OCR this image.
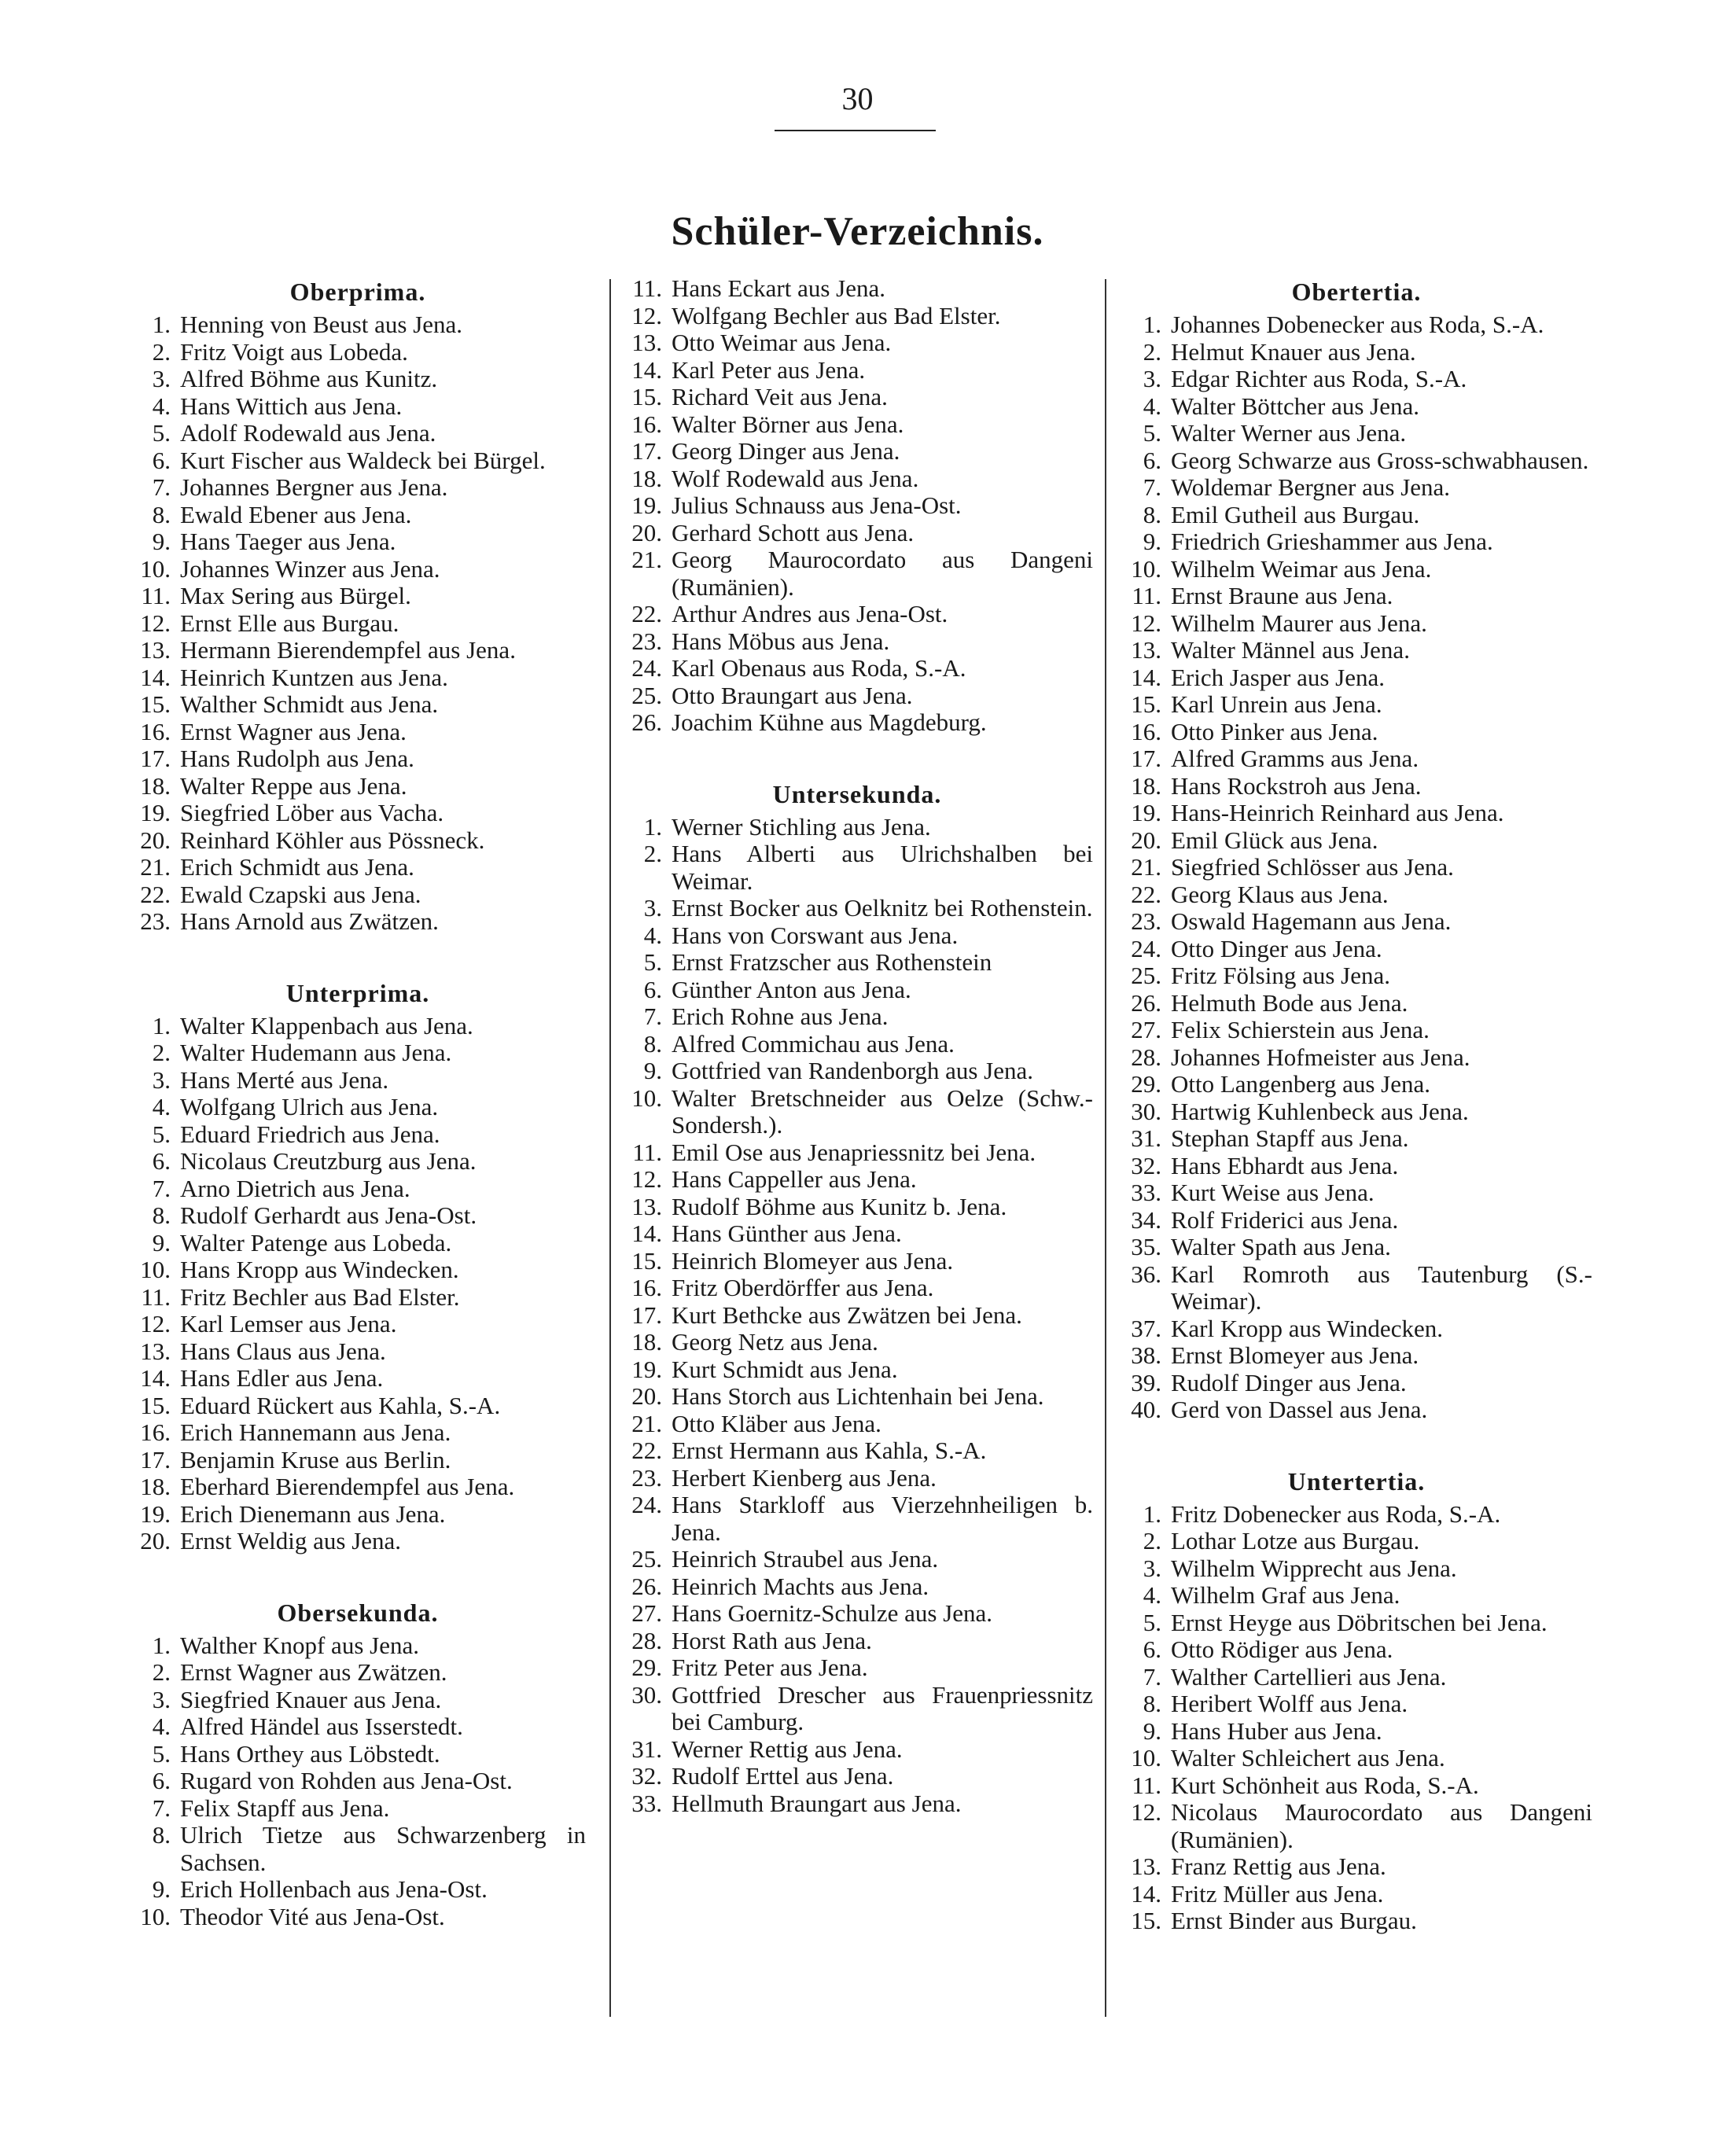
30
Schüler-Verzeichnis.
Oberprima.
1. Henning von Beust aus Jena.
2. Fritz Voigt aus Lobeda.
3. Alfred Böhme aus Kunitz.
4. Hans Wittich aus Jena.
5. Adolf Rodewald aus Jena.
6. Kurt Fischer aus Waldeck bei Bürgel.
7. Johannes Bergner aus Jena.
8. Ewald Ebener aus Jena.
9. Hans Taeger aus Jena.
10. Johannes Winzer aus Jena.
11. Max Sering aus Bürgel.
12. Ernst Elle aus Burgau.
13. Hermann Bierendempfel aus Jena.
14. Heinrich Kuntzen aus Jena.
15. Walther Schmidt aus Jena.
16. Ernst Wagner aus Jena.
17. Hans Rudolph aus Jena.
18. Walter Reppe aus Jena.
19. Siegfried Löber aus Vacha.
20. Reinhard Köhler aus Pössneck.
21. Erich Schmidt aus Jena.
22. Ewald Czapski aus Jena.
23. Hans Arnold aus Zwätzen.
Unterprima.
1. Walter Klappenbach aus Jena.
2. Walter Hudemann aus Jena.
3. Hans Merté aus Jena.
4. Wolfgang Ulrich aus Jena.
5. Eduard Friedrich aus Jena.
6. Nicolaus Creutzburg aus Jena.
7. Arno Dietrich aus Jena.
8. Rudolf Gerhardt aus Jena-Ost.
9. Walter Patenge aus Lobeda.
10. Hans Kropp aus Windecken.
11. Fritz Bechler aus Bad Elster.
12. Karl Lemser aus Jena.
13. Hans Claus aus Jena.
14. Hans Edler aus Jena.
15. Eduard Rückert aus Kahla, S.-A.
16. Erich Hannemann aus Jena.
17. Benjamin Kruse aus Berlin.
18. Eberhard Bierendempfel aus Jena.
19. Erich Dienemann aus Jena.
20. Ernst Weldig aus Jena.
Obersekunda.
1. Walther Knopf aus Jena.
2. Ernst Wagner aus Zwätzen.
3. Siegfried Knauer aus Jena.
4. Alfred Händel aus Isserstedt.
5. Hans Orthey aus Löbstedt.
6. Rugard von Rohden aus Jena-Ost.
7. Felix Stapff aus Jena.
8. Ulrich Tietze aus Schwarzenberg in Sachsen.
9. Erich Hollenbach aus Jena-Ost.
10. Theodor Vité aus Jena-Ost.
11. Hans Eckart aus Jena.
12. Wolfgang Bechler aus Bad Elster.
13. Otto Weimar aus Jena.
14. Karl Peter aus Jena.
15. Richard Veit aus Jena.
16. Walter Börner aus Jena.
17. Georg Dinger aus Jena.
18. Wolf Rodewald aus Jena.
19. Julius Schnauss aus Jena-Ost.
20. Gerhard Schott aus Jena.
21. Georg Maurocordato aus Dangeni (Rumänien).
22. Arthur Andres aus Jena-Ost.
23. Hans Möbus aus Jena.
24. Karl Obenaus aus Roda, S.-A.
25. Otto Braungart aus Jena.
26. Joachim Kühne aus Magdeburg.
Untersekunda.
1. Werner Stichling aus Jena.
2. Hans Alberti aus Ulrichshalben bei Weimar.
3. Ernst Bocker aus Oelknitz bei Rothenstein.
4. Hans von Corswant aus Jena.
5. Ernst Fratzscher aus Rothenstein
6. Günther Anton aus Jena.
7. Erich Rohne aus Jena.
8. Alfred Commichau aus Jena.
9. Gottfried van Randenborgh aus Jena.
10. Walter Bretschneider aus Oelze (Schw.-Sondersh.).
11. Emil Ose aus Jenapriessnitz bei Jena.
12. Hans Cappeller aus Jena.
13. Rudolf Böhme aus Kunitz b. Jena.
14. Hans Günther aus Jena.
15. Heinrich Blomeyer aus Jena.
16. Fritz Oberdörffer aus Jena.
17. Kurt Bethcke aus Zwätzen bei Jena.
18. Georg Netz aus Jena.
19. Kurt Schmidt aus Jena.
20. Hans Storch aus Lichtenhain bei Jena.
21. Otto Kläber aus Jena.
22. Ernst Hermann aus Kahla, S.-A.
23. Herbert Kienberg aus Jena.
24. Hans Starkloff aus Vierzehnheiligen b. Jena.
25. Heinrich Straubel aus Jena.
26. Heinrich Machts aus Jena.
27. Hans Goernitz-Schulze aus Jena.
28. Horst Rath aus Jena.
29. Fritz Peter aus Jena.
30. Gottfried Drescher aus Frauenpriessnitz bei Camburg.
31. Werner Rettig aus Jena.
32. Rudolf Erttel aus Jena.
33. Hellmuth Braungart aus Jena.
Obertertia.
1. Johannes Dobenecker aus Roda, S.-A.
2. Helmut Knauer aus Jena.
3. Edgar Richter aus Roda, S.-A.
4. Walter Böttcher aus Jena.
5. Walter Werner aus Jena.
6. Georg Schwarze aus Gross-schwabhausen.
7. Woldemar Bergner aus Jena.
8. Emil Gutheil aus Burgau.
9. Friedrich Grieshammer aus Jena.
10. Wilhelm Weimar aus Jena.
11. Ernst Braune aus Jena.
12. Wilhelm Maurer aus Jena.
13. Walter Männel aus Jena.
14. Erich Jasper aus Jena.
15. Karl Unrein aus Jena.
16. Otto Pinker aus Jena.
17. Alfred Gramms aus Jena.
18. Hans Rockstroh aus Jena.
19. Hans-Heinrich Reinhard aus Jena.
20. Emil Glück aus Jena.
21. Siegfried Schlösser aus Jena.
22. Georg Klaus aus Jena.
23. Oswald Hagemann aus Jena.
24. Otto Dinger aus Jena.
25. Fritz Fölsing aus Jena.
26. Helmuth Bode aus Jena.
27. Felix Schierstein aus Jena.
28. Johannes Hofmeister aus Jena.
29. Otto Langenberg aus Jena.
30. Hartwig Kuhlenbeck aus Jena.
31. Stephan Stapff aus Jena.
32. Hans Ebhardt aus Jena.
33. Kurt Weise aus Jena.
34. Rolf Friderici aus Jena.
35. Walter Spath aus Jena.
36. Karl Romroth aus Tautenburg (S.-Weimar).
37. Karl Kropp aus Windecken.
38. Ernst Blomeyer aus Jena.
39. Rudolf Dinger aus Jena.
40. Gerd von Dassel aus Jena.
Untertertia.
1. Fritz Dobenecker aus Roda, S.-A.
2. Lothar Lotze aus Burgau.
3. Wilhelm Wipprecht aus Jena.
4. Wilhelm Graf aus Jena.
5. Ernst Heyge aus Döbritschen bei Jena.
6. Otto Rödiger aus Jena.
7. Walther Cartellieri aus Jena.
8. Heribert Wolff aus Jena.
9. Hans Huber aus Jena.
10. Walter Schleichert aus Jena.
11. Kurt Schönheit aus Roda, S.-A.
12. Nicolaus Maurocordato aus Dangeni (Rumänien).
13. Franz Rettig aus Jena.
14. Fritz Müller aus Jena.
15. Ernst Binder aus Burgau.
